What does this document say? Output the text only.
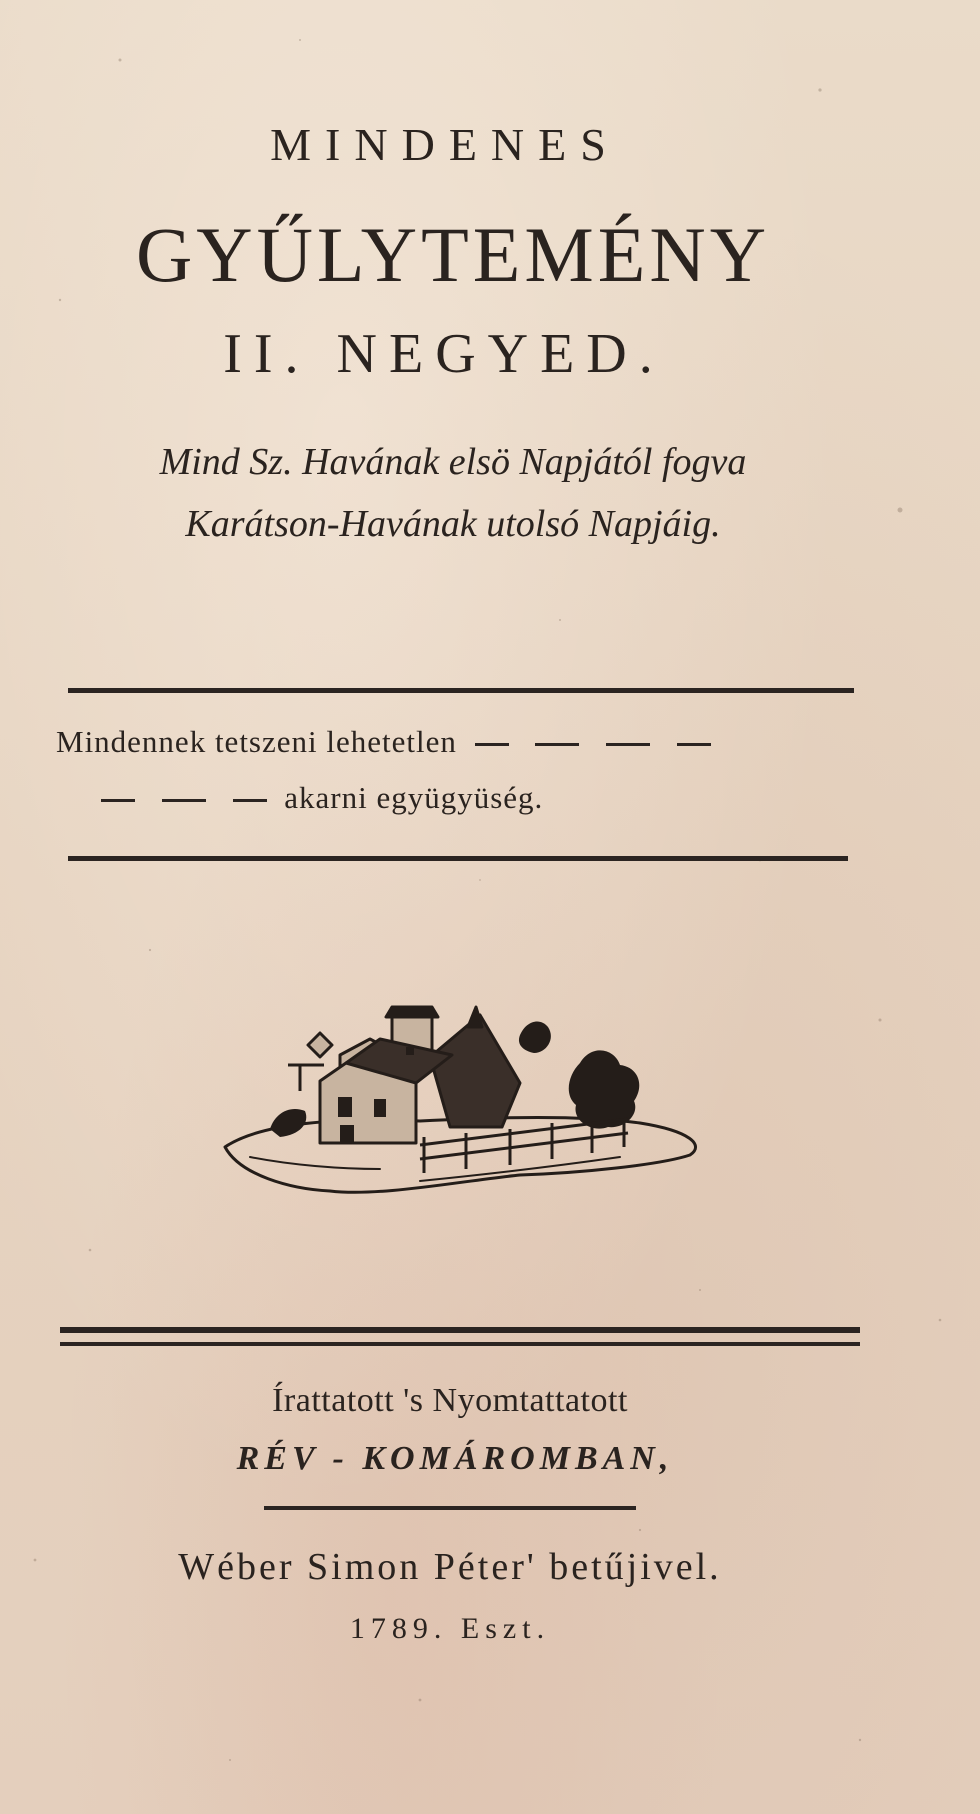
MINDENES
GYŰLYTEMÉNY
II. NEGYED.
Mind Sz. Havának elsö Napjától fogva
Karátson-Havának utolsó Napjáig.
Mindennek tetszeni lehetetlen
akarni együgyüség.
Írattatott 's Nyomtattatott
RÉV - KOMÁROMBAN,
Wéber Simon Péter' betűjivel.
1789. Eszt.
